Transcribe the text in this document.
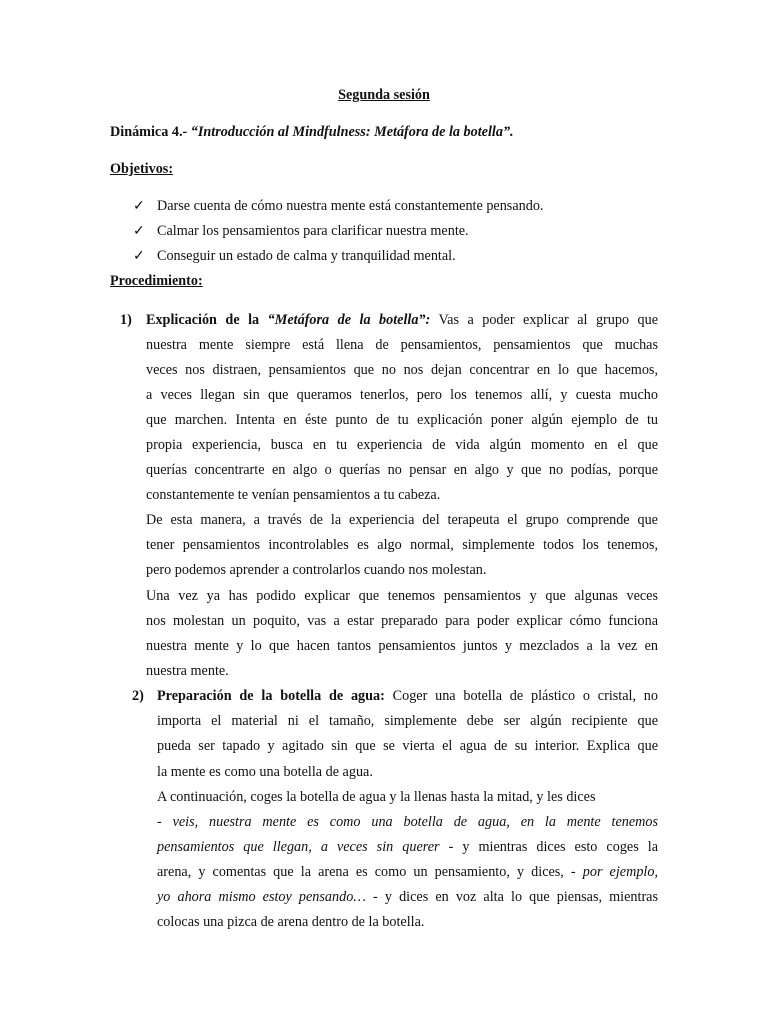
Segunda sesión
Dinámica 4.- “Introducción al Mindfulness: Metáfora de la botella”.
Objetivos:
✓ Darse cuenta de cómo nuestra mente está constantemente pensando.
✓ Calmar los pensamientos para clarificar nuestra mente.
✓ Conseguir un estado de calma y tranquilidad mental.
Procedimiento:
1) Explicación de la “Metáfora de la botella”: Vas a poder explicar al grupo que
nuestra mente siempre está llena de pensamientos, pensamientos que muchas
veces nos distraen, pensamientos que no nos dejan concentrar en lo que hacemos,
a veces llegan sin que queramos tenerlos, pero los tenemos allí, y cuesta mucho
que marchen. Intenta en éste punto de tu explicación poner algún ejemplo de tu
propia experiencia, busca en tu experiencia de vida algún momento en el que
querías concentrarte en algo o querías no pensar en algo y que no podías, porque
constantemente te venían pensamientos a tu cabeza.
De esta manera, a través de la experiencia del terapeuta el grupo comprende que
tener pensamientos incontrolables es algo normal, simplemente todos los tenemos,
pero podemos aprender a controlarlos cuando nos molestan.
Una vez ya has podido explicar que tenemos pensamientos y que algunas veces
nos molestan un poquito, vas a estar preparado para poder explicar cómo funciona
nuestra mente y lo que hacen tantos pensamientos juntos y mezclados a la vez en
nuestra mente.
2) Preparación de la botella de agua: Coger una botella de plástico o cristal, no
importa el material ni el tamaño, simplemente debe ser algún recipiente que
pueda ser tapado y agitado sin que se vierta el agua de su interior. Explica que
la mente es como una botella de agua.
A continuación, coges la botella de agua y la llenas hasta la mitad, y les dices
- veis, nuestra mente es como una botella de agua, en la mente tenemos
pensamientos que llegan, a veces sin querer - y mientras dices esto coges la
arena, y comentas que la arena es como un pensamiento, y dices, - por ejemplo,
yo ahora mismo estoy pensando… - y dices en voz alta lo que piensas, mientras
colocas una pizca de arena dentro de la botella.
